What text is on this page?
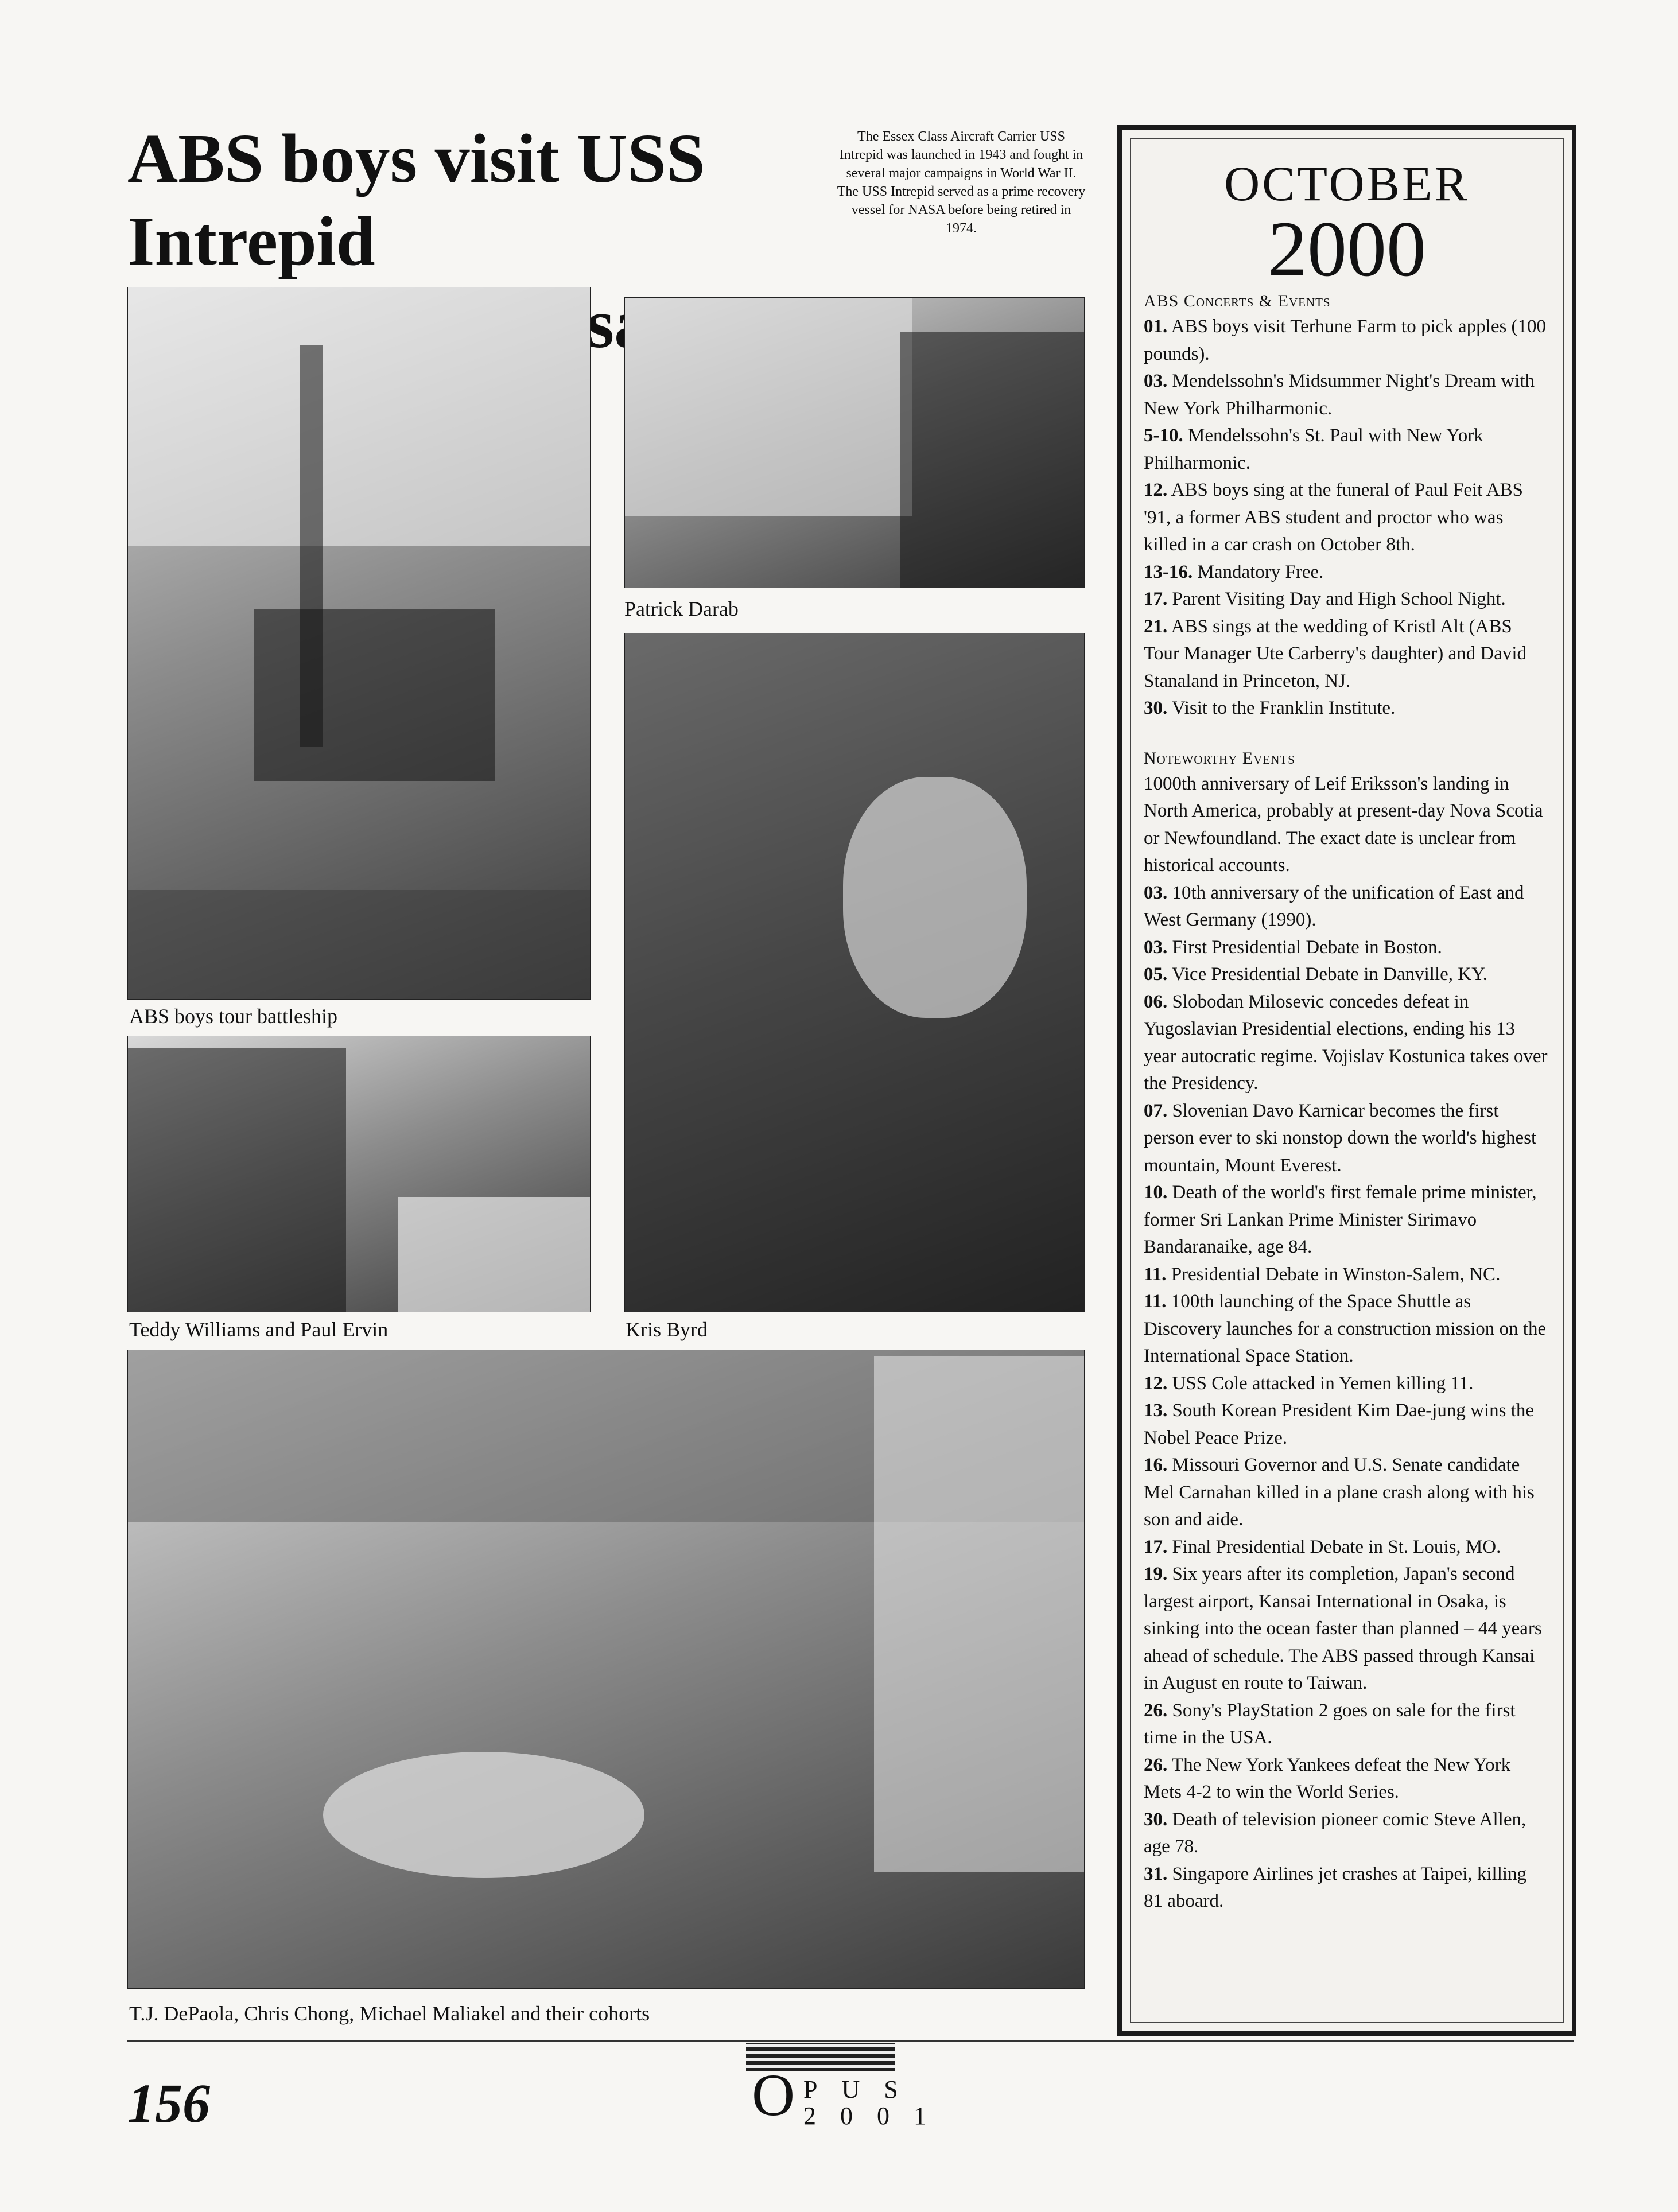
ABS boys visit USS Intrepid

The Essex Class Aircraft Carrier USS Intrepid was launched in 1943 and fought in several major campaigns in World War II. The USS Intrepid served as a prime recovery vessel for NASA before being retired in 1974.
ABS boys tour battleship
Patrick Darab
Teddy Williams and Paul Ervin	Kris Byrd
T.J. DePaola, Chris Chong, Michael Maliakel and their cohorts

OCTOBER

2000

ABS Concerts & Events

01. ABS boys visit Terhune Farm to pick apples (100 pounds).

03. Mendelssohn's Midsummer Night's Dream with New York Philharmonic.

5-10. Mendelssohn's St. Paul with New York Philharmonic.

12. ABS boys sing at the funeral of Paul Feit ABS '91, a former ABS student and proctor who was killed in a car crash on October 8th.

13-16. Mandatory Free.

17. Parent Visiting Day and High School Night.

21. ABS sings at the wedding of Kristl Alt (ABS Tour Manager Ute Carberry's daughter) and David Stanaland in Princeton, NJ.

30. Visit to the Franklin Institute.

Noteworthy Events

1000th anniversary of Leif Eriksson's landing in North America, probably at present-day Nova Scotia or Newfoundland. The exact date is unclear from historical accounts.

03. 10th anniversary of the unification of East and West Germany (1990).

03. First Presidential Debate in Boston.

05. Vice Presidential Debate in Danville, KY.

06. Slobodan Milosevic concedes defeat in Yugoslavian Presidential elections, ending his 13 year autocratic regime. Vojislav Kostunica takes over the Presidency.

07. Slovenian Davo Karnicar becomes the first person ever to ski nonstop down the world's highest mountain, Mount Everest.

10. Death of the world's first female prime minister, former Sri Lankan Prime Minister Sirimavo Bandaranaike, age 84.

11. Presidential Debate in Winston-Salem, NC.

11. 100th launching of the Space Shuttle as Discovery launches for a construction mission on the International Space Station.

12. USS Cole attacked in Yemen killing 11.

13. South Korean President Kim Dae-jung wins the Nobel Peace Prize.

16. Missouri Governor and U.S. Senate candidate Mel Carnahan killed in a plane crash along with his son and aide.

17. Final Presidential Debate in St. Louis, MO.

19. Six years after its completion, Japan's second largest airport, Kansai International in Osaka, is sinking into the ocean faster than planned – 44 years ahead of schedule. The ABS passed through Kansai in August en route to Taiwan.

26. Sony's PlayStation 2 goes on sale for the first time in the USA.

26. The New York Yankees defeat the New York Mets 4-2 to win the World Series.

30. Death of television pioneer comic Steve Allen, age 78.

31. Singapore Airlines jet crashes at Taipei, killing 81 aboard.

156	O PUS
2001
